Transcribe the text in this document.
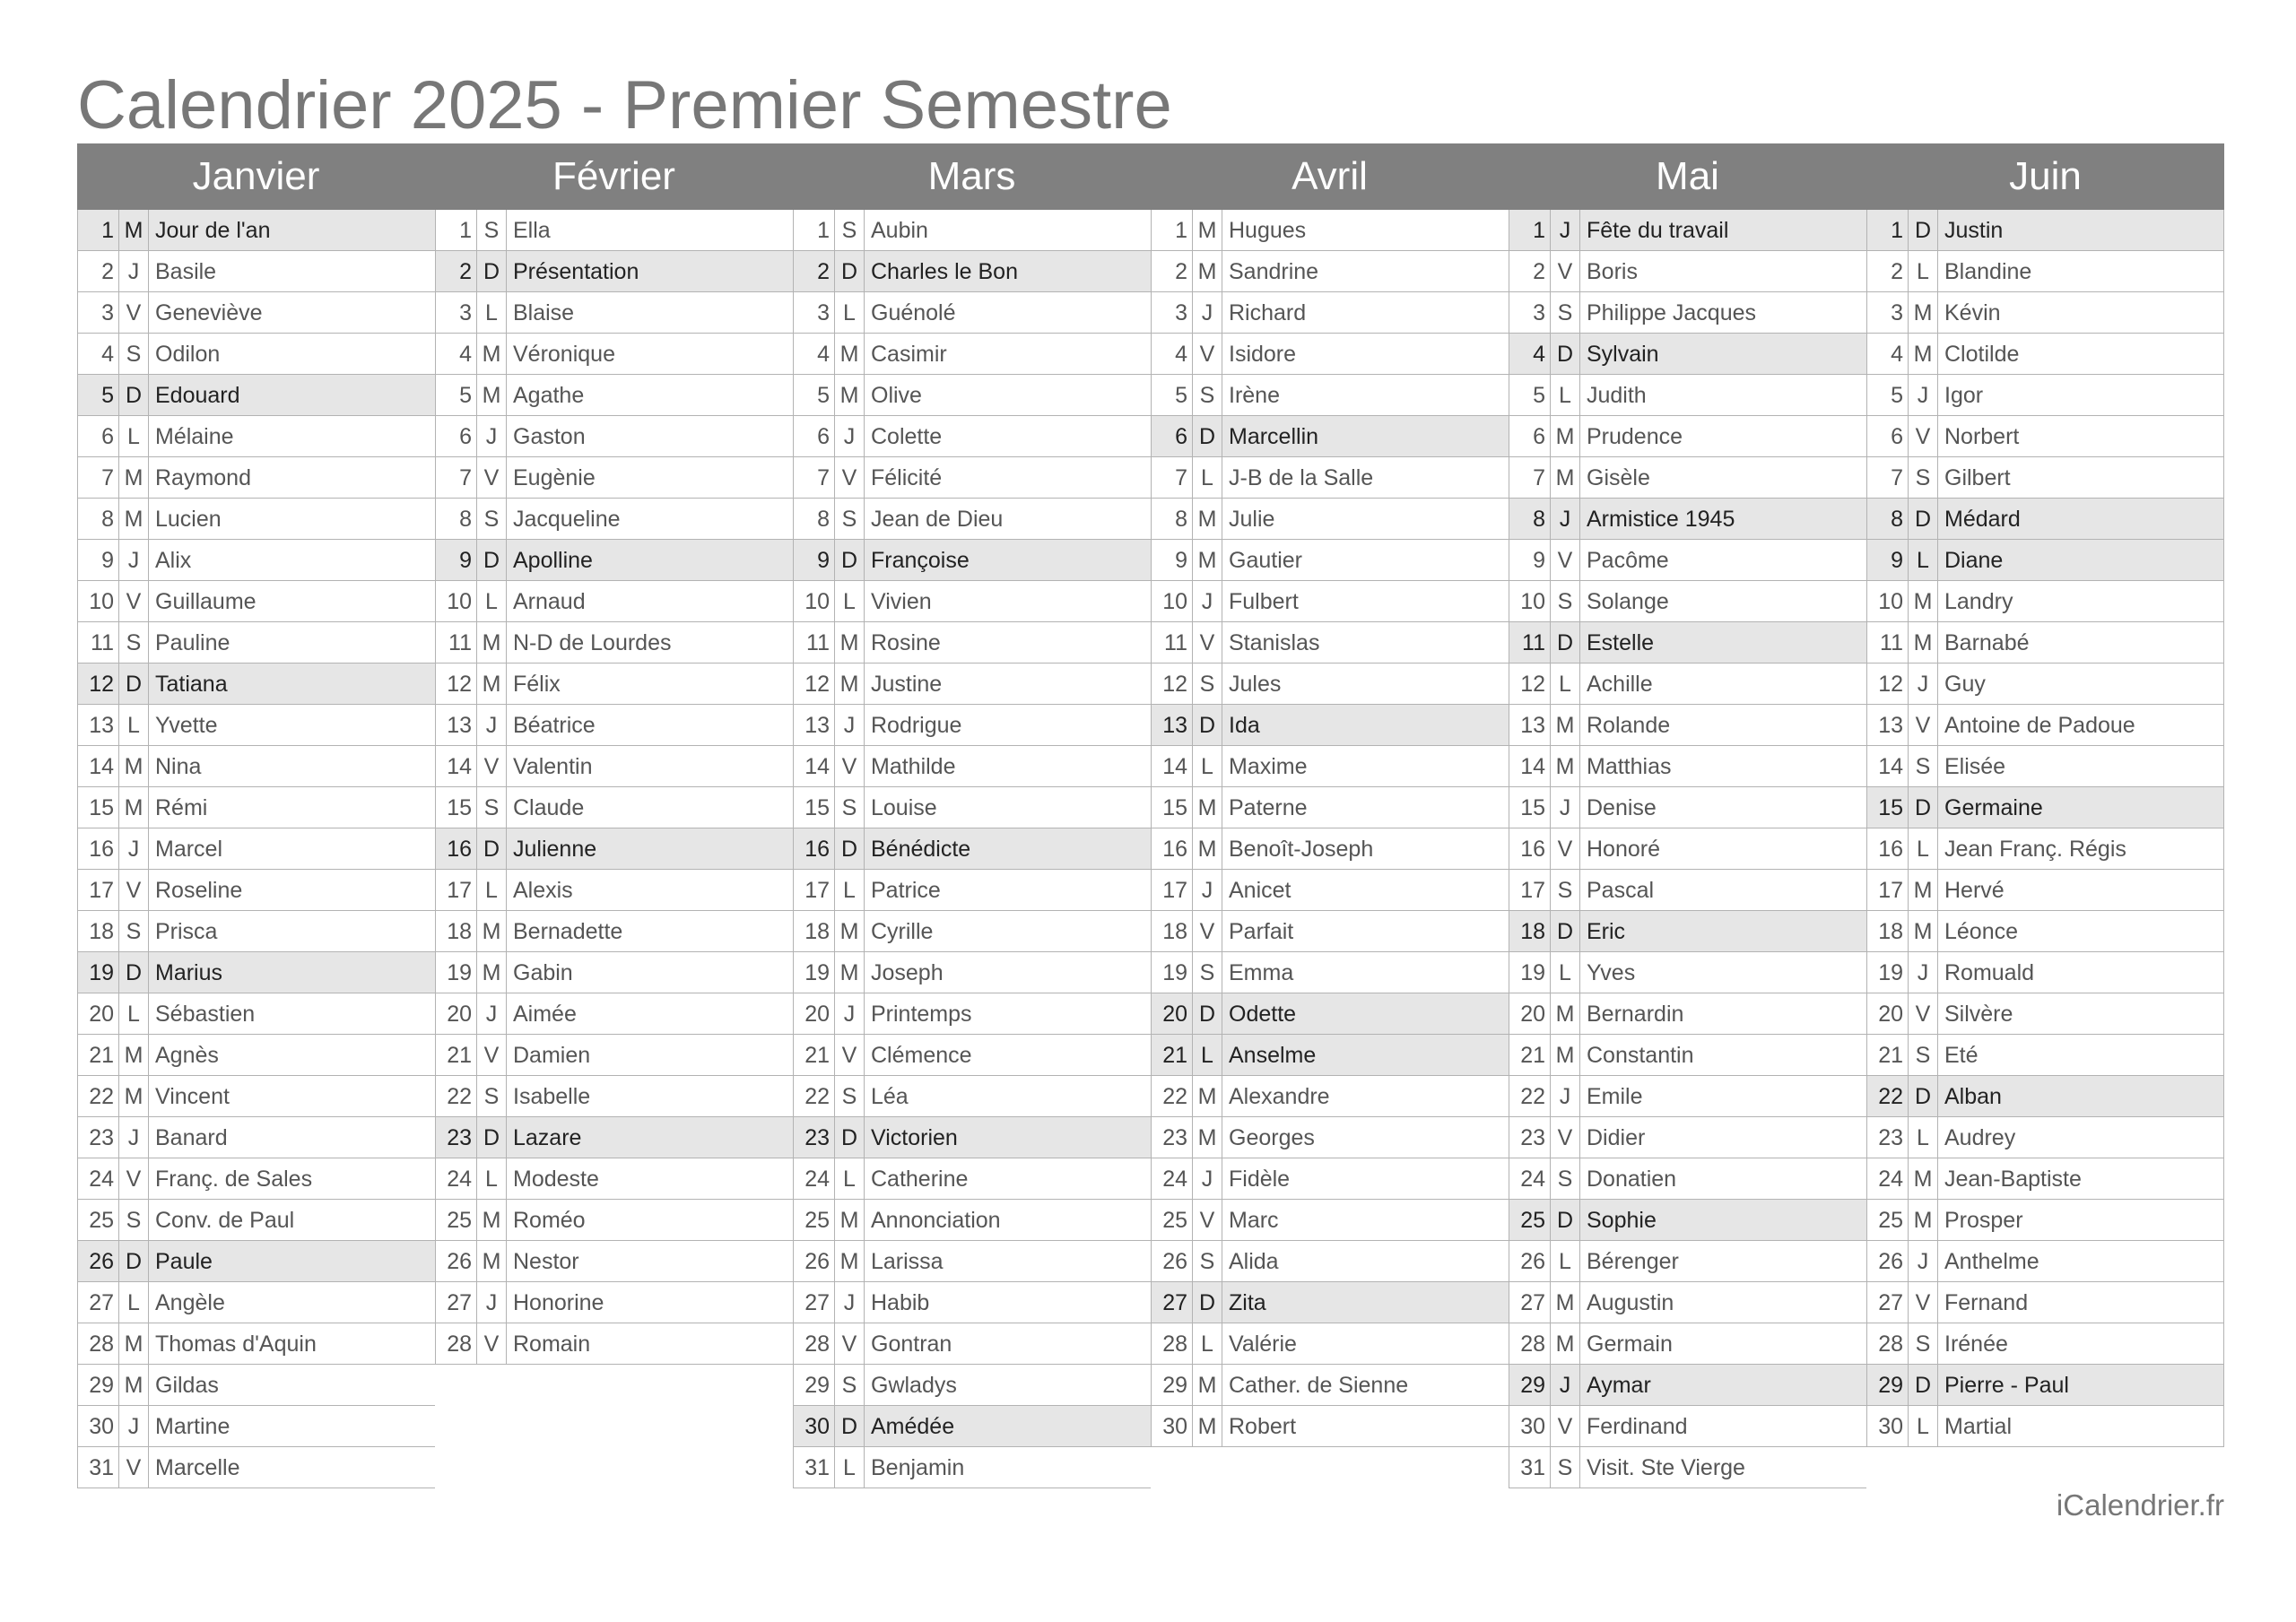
Calendrier 2025 - Premier Semestre
Janvier
1 M Jour de l'an
2 J Basile
3 V Geneviève
4 S Odilon
5 D Edouard
6 L Mélaine
7 M Raymond
8 M Lucien
9 J Alix
10 V Guillaume
11 S Pauline
12 D Tatiana
13 L Yvette
14 M Nina
15 M Rémi
16 J Marcel
17 V Roseline
18 S Prisca
19 D Marius
20 L Sébastien
21 M Agnès
22 M Vincent
23 J Banard
24 V Franç. de Sales
25 S Conv. de Paul
26 D Paule
27 L Angèle
28 M Thomas d'Aquin
29 M Gildas
30 J Martine
31 V Marcelle
Février
1 S Ella
2 D Présentation
3 L Blaise
4 M Véronique
5 M Agathe
6 J Gaston
7 V Eugènie
8 S Jacqueline
9 D Apolline
10 L Arnaud
11 M N-D de Lourdes
12 M Félix
13 J Béatrice
14 V Valentin
15 S Claude
16 D Julienne
17 L Alexis
18 M Bernadette
19 M Gabin
20 J Aimée
21 V Damien
22 S Isabelle
23 D Lazare
24 L Modeste
25 M Roméo
26 M Nestor
27 J Honorine
28 V Romain
Mars
1 S Aubin
2 D Charles le Bon
3 L Guénolé
4 M Casimir
5 M Olive
6 J Colette
7 V Félicité
8 S Jean de Dieu
9 D Françoise
10 L Vivien
11 M Rosine
12 M Justine
13 J Rodrigue
14 V Mathilde
15 S Louise
16 D Bénédicte
17 L Patrice
18 M Cyrille
19 M Joseph
20 J Printemps
21 V Clémence
22 S Léa
23 D Victorien
24 L Catherine
25 M Annonciation
26 M Larissa
27 J Habib
28 V Gontran
29 S Gwladys
30 D Amédée
31 L Benjamin
Avril
1 M Hugues
2 M Sandrine
3 J Richard
4 V Isidore
5 S Irène
6 D Marcellin
7 L J-B de la Salle
8 M Julie
9 M Gautier
10 J Fulbert
11 V Stanislas
12 S Jules
13 D Ida
14 L Maxime
15 M Paterne
16 M Benoît-Joseph
17 J Anicet
18 V Parfait
19 S Emma
20 D Odette
21 L Anselme
22 M Alexandre
23 M Georges
24 J Fidèle
25 V Marc
26 S Alida
27 D Zita
28 L Valérie
29 M Cather. de Sienne
30 M Robert
Mai
1 J Fête du travail
2 V Boris
3 S Philippe Jacques
4 D Sylvain
5 L Judith
6 M Prudence
7 M Gisèle
8 J Armistice 1945
9 V Pacôme
10 S Solange
11 D Estelle
12 L Achille
13 M Rolande
14 M Matthias
15 J Denise
16 V Honoré
17 S Pascal
18 D Eric
19 L Yves
20 M Bernardin
21 M Constantin
22 J Emile
23 V Didier
24 S Donatien
25 D Sophie
26 L Bérenger
27 M Augustin
28 M Germain
29 J Aymar
30 V Ferdinand
31 S Visit. Ste Vierge
Juin
1 D Justin
2 L Blandine
3 M Kévin
4 M Clotilde
5 J Igor
6 V Norbert
7 S Gilbert
8 D Médard
9 L Diane
10 M Landry
11 M Barnabé
12 J Guy
13 V Antoine de Padoue
14 S Elisée
15 D Germaine
16 L Jean Franç. Régis
17 M Hervé
18 M Léonce
19 J Romuald
20 V Silvère
21 S Eté
22 D Alban
23 L Audrey
24 M Jean-Baptiste
25 M Prosper
26 J Anthelme
27 V Fernand
28 S Irénée
29 D Pierre - Paul
30 L Martial
iCalendrier.fr
